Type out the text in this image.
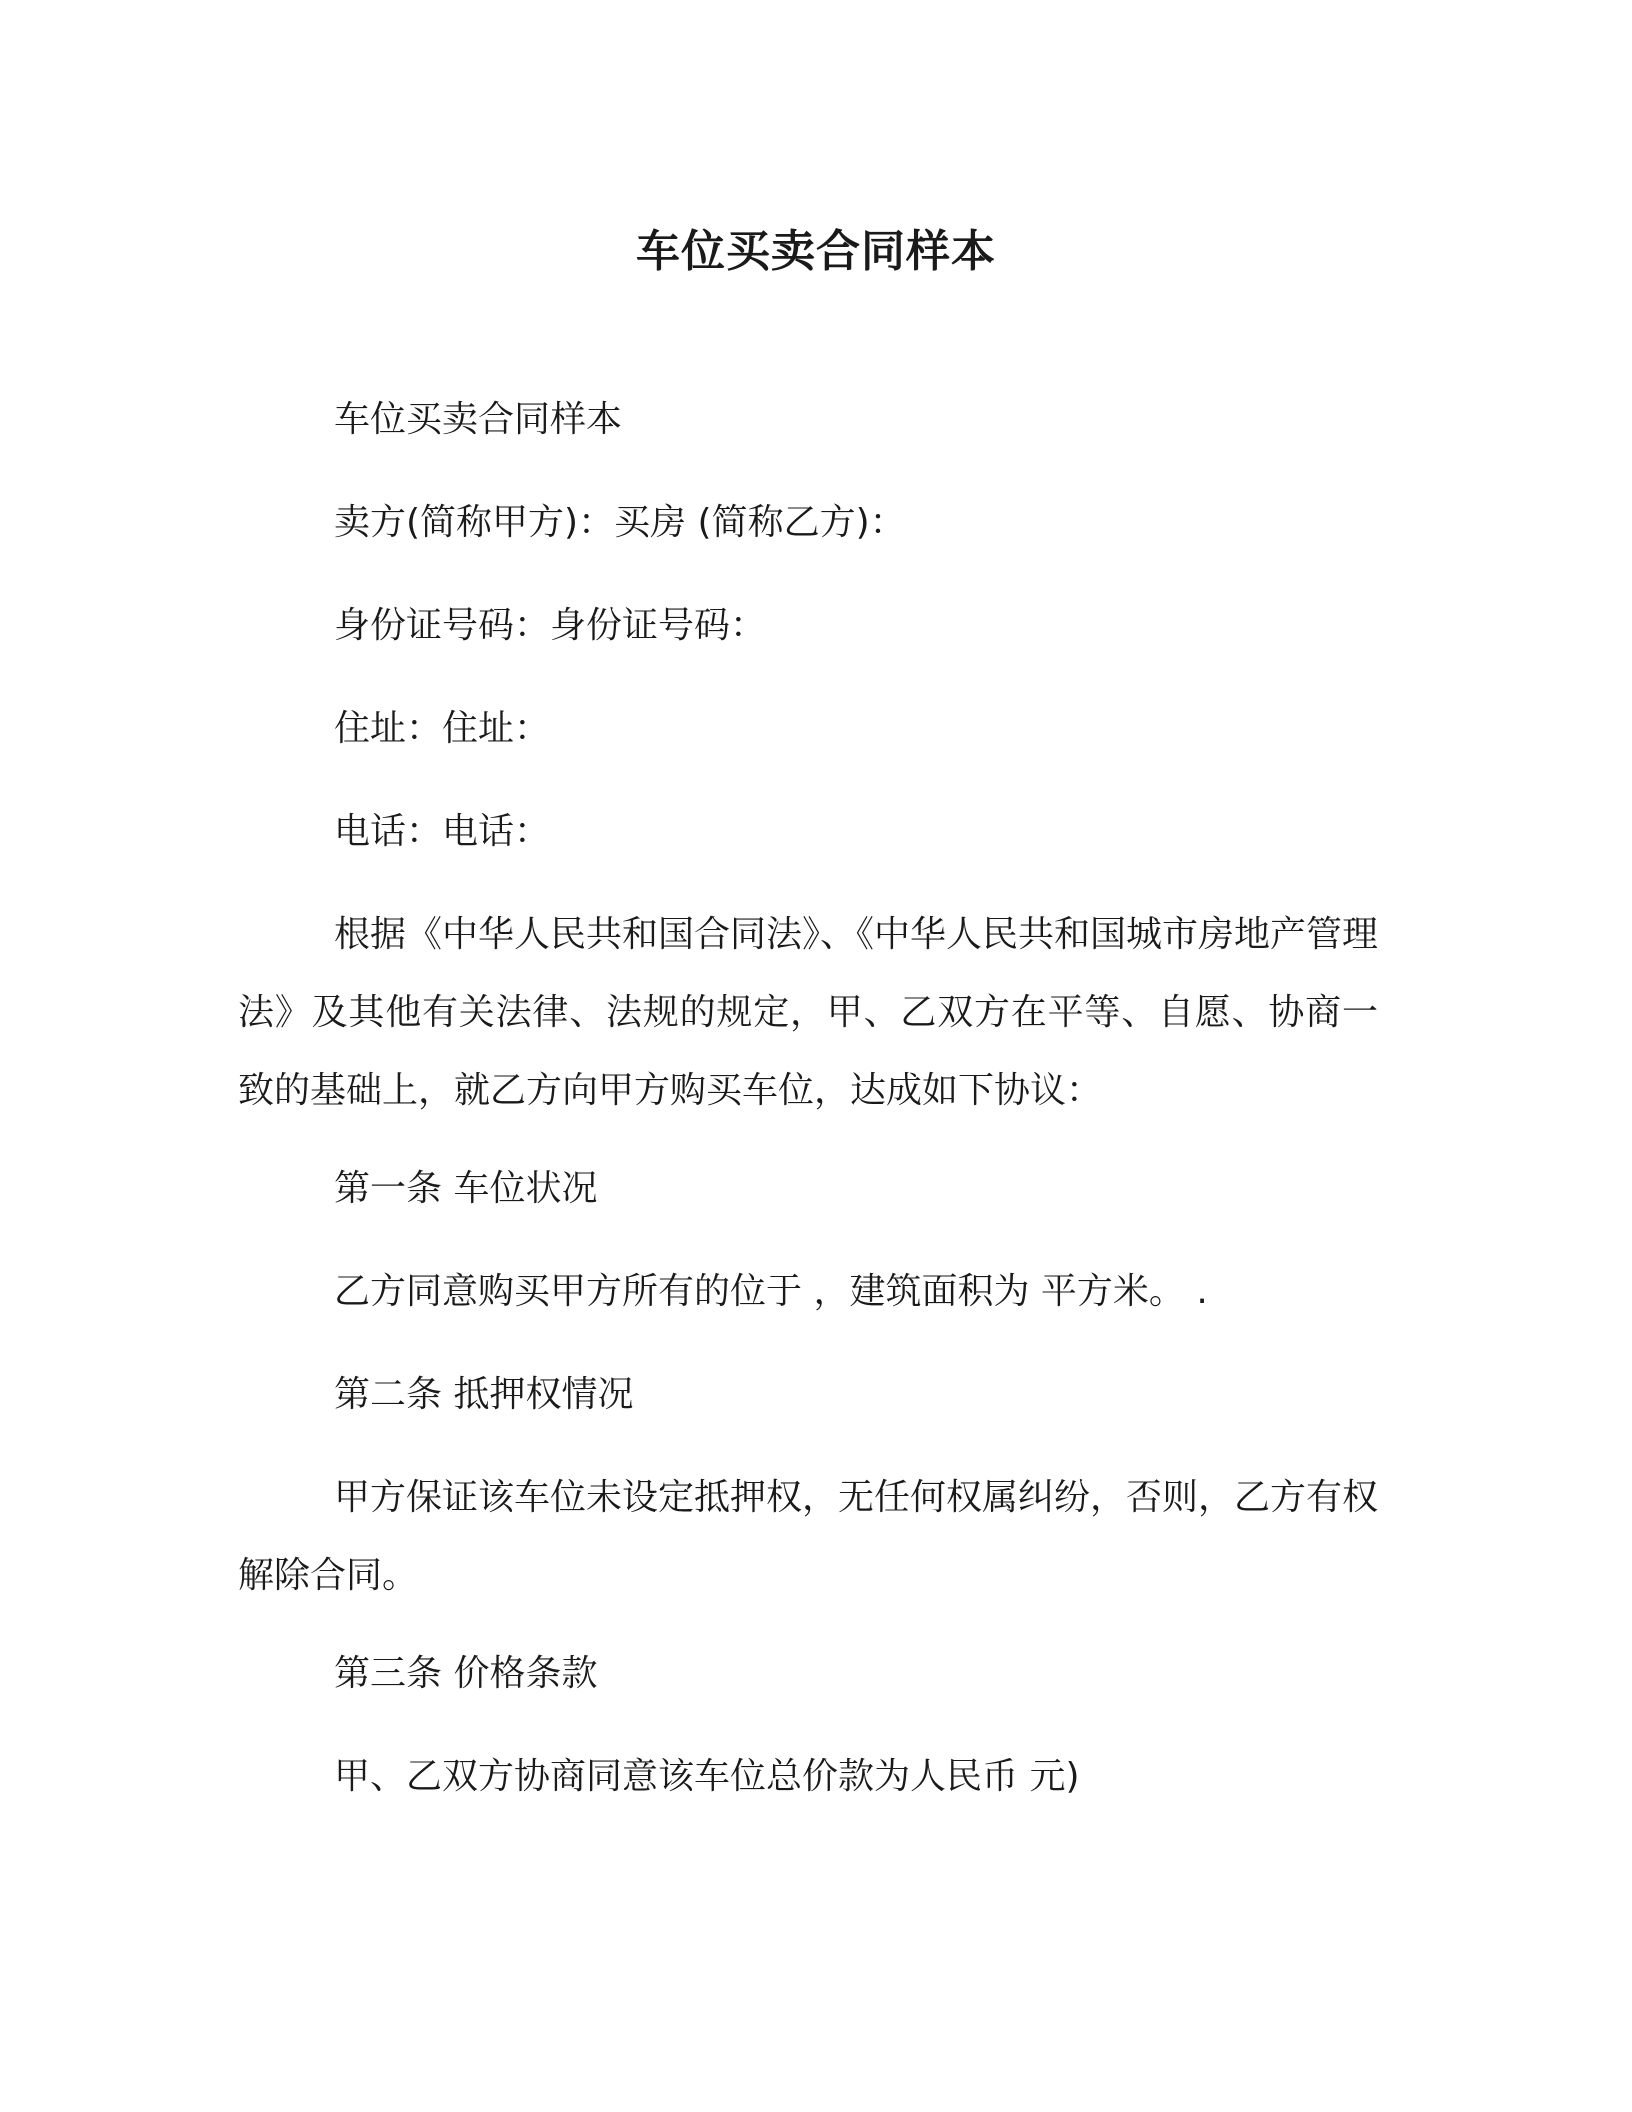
车位买卖合同样本

车位买卖合同样本

卖方(简称甲方)：买房 (简称乙方)：

身份证号码：身份证号码：

住址：住址：

电话：电话：

根据《中华人民共和国合同法》、《中华人民共和国城市房地产管理法》及其他有关法律、法规的规定，甲、乙双方在平等、自愿、协商一致的基础上，就乙方向甲方购买车位，达成如下协议：

第一条 车位状况

乙方同意购买甲方所有的位于 ，建筑面积为 平方米。 .

第二条 抵押权情况

甲方保证该车位未设定抵押权，无任何权属纠纷，否则，乙方有权解除合同。

第三条 价格条款

甲、乙双方协商同意该车位总价款为人民币 元)
